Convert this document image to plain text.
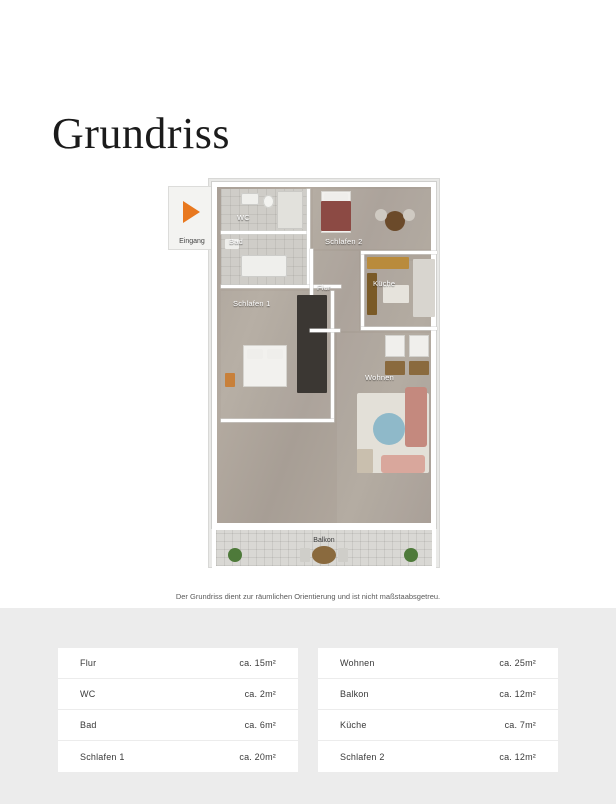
Grundriss
Eingang
WC
Bad	Schlafen 2
Küche
Flur
Schlafen 1
Wohnen
Balkon
Der Grundriss dient zur räumlichen Orientierung und ist nicht maßstaabsgetreu.
Flur	ca. 15m²
WC	ca. 2m²
Bad	ca. 6m²
Schlafen 1	ca. 20m²
Wohnen	ca. 25m²
Balkon	ca. 12m²
Küche	ca. 7m²
Schlafen 2	ca. 12m²
